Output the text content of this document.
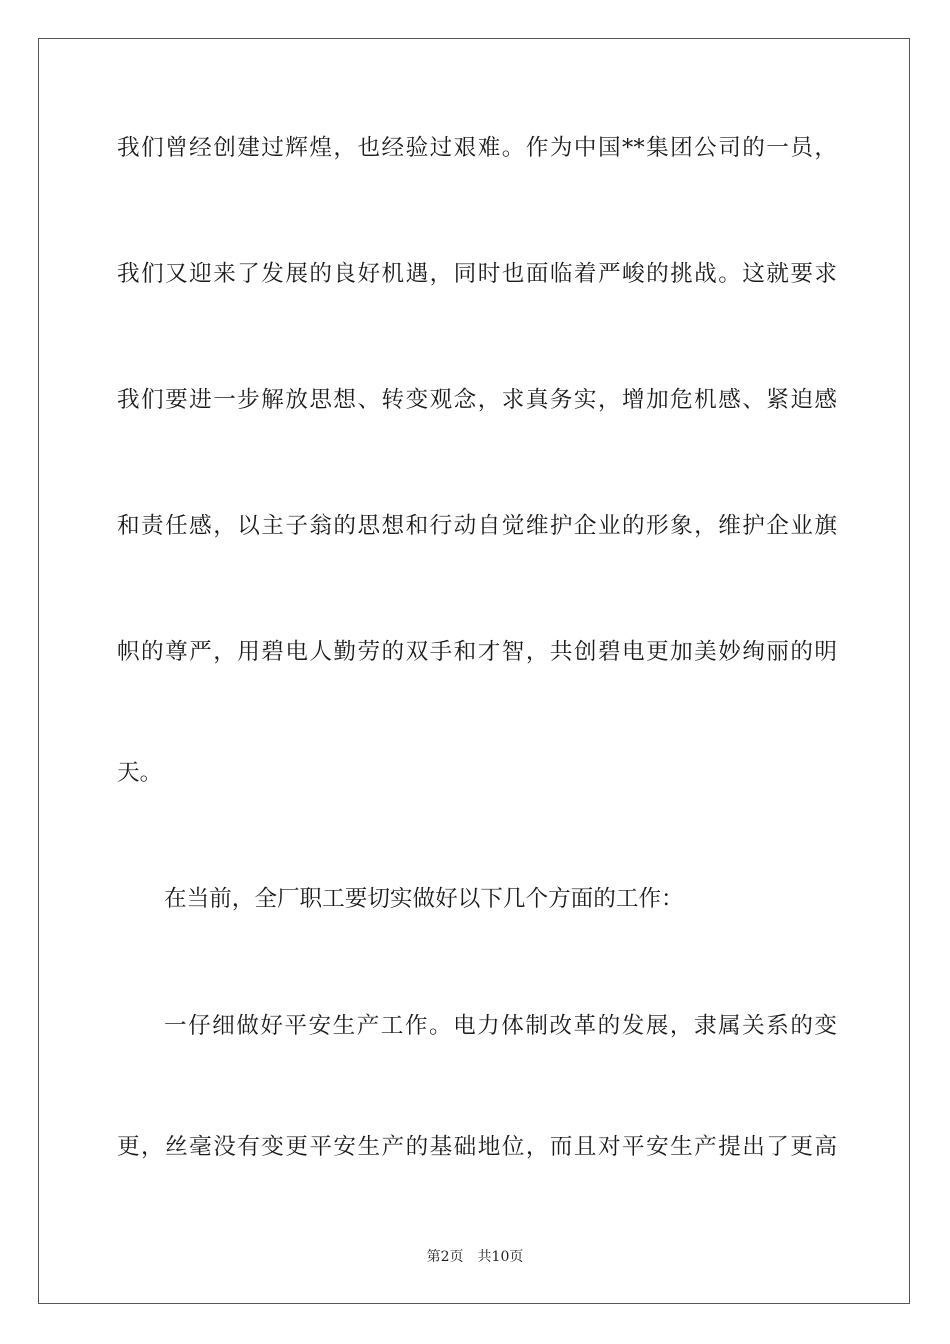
我们曾经创建过辉煌，也经验过艰难。作为中国**集团公司的一员，
我们又迎来了发展的良好机遇，同时也面临着严峻的挑战。这就要求
我们要进一步解放思想、转变观念，求真务实，增加危机感、紧迫感
和责任感，以主子翁的思想和行动自觉维护企业的形象，维护企业旗
帜的尊严，用碧电人勤劳的双手和才智，共创碧电更加美妙绚丽的明
天。
在当前，全厂职工要切实做好以下几个方面的工作：
一仔细做好平安生产工作。电力体制改革的发展，隶属关系的变
更，丝毫没有变更平安生产的基础地位，而且对平安生产提出了更高
第2页 共10页
